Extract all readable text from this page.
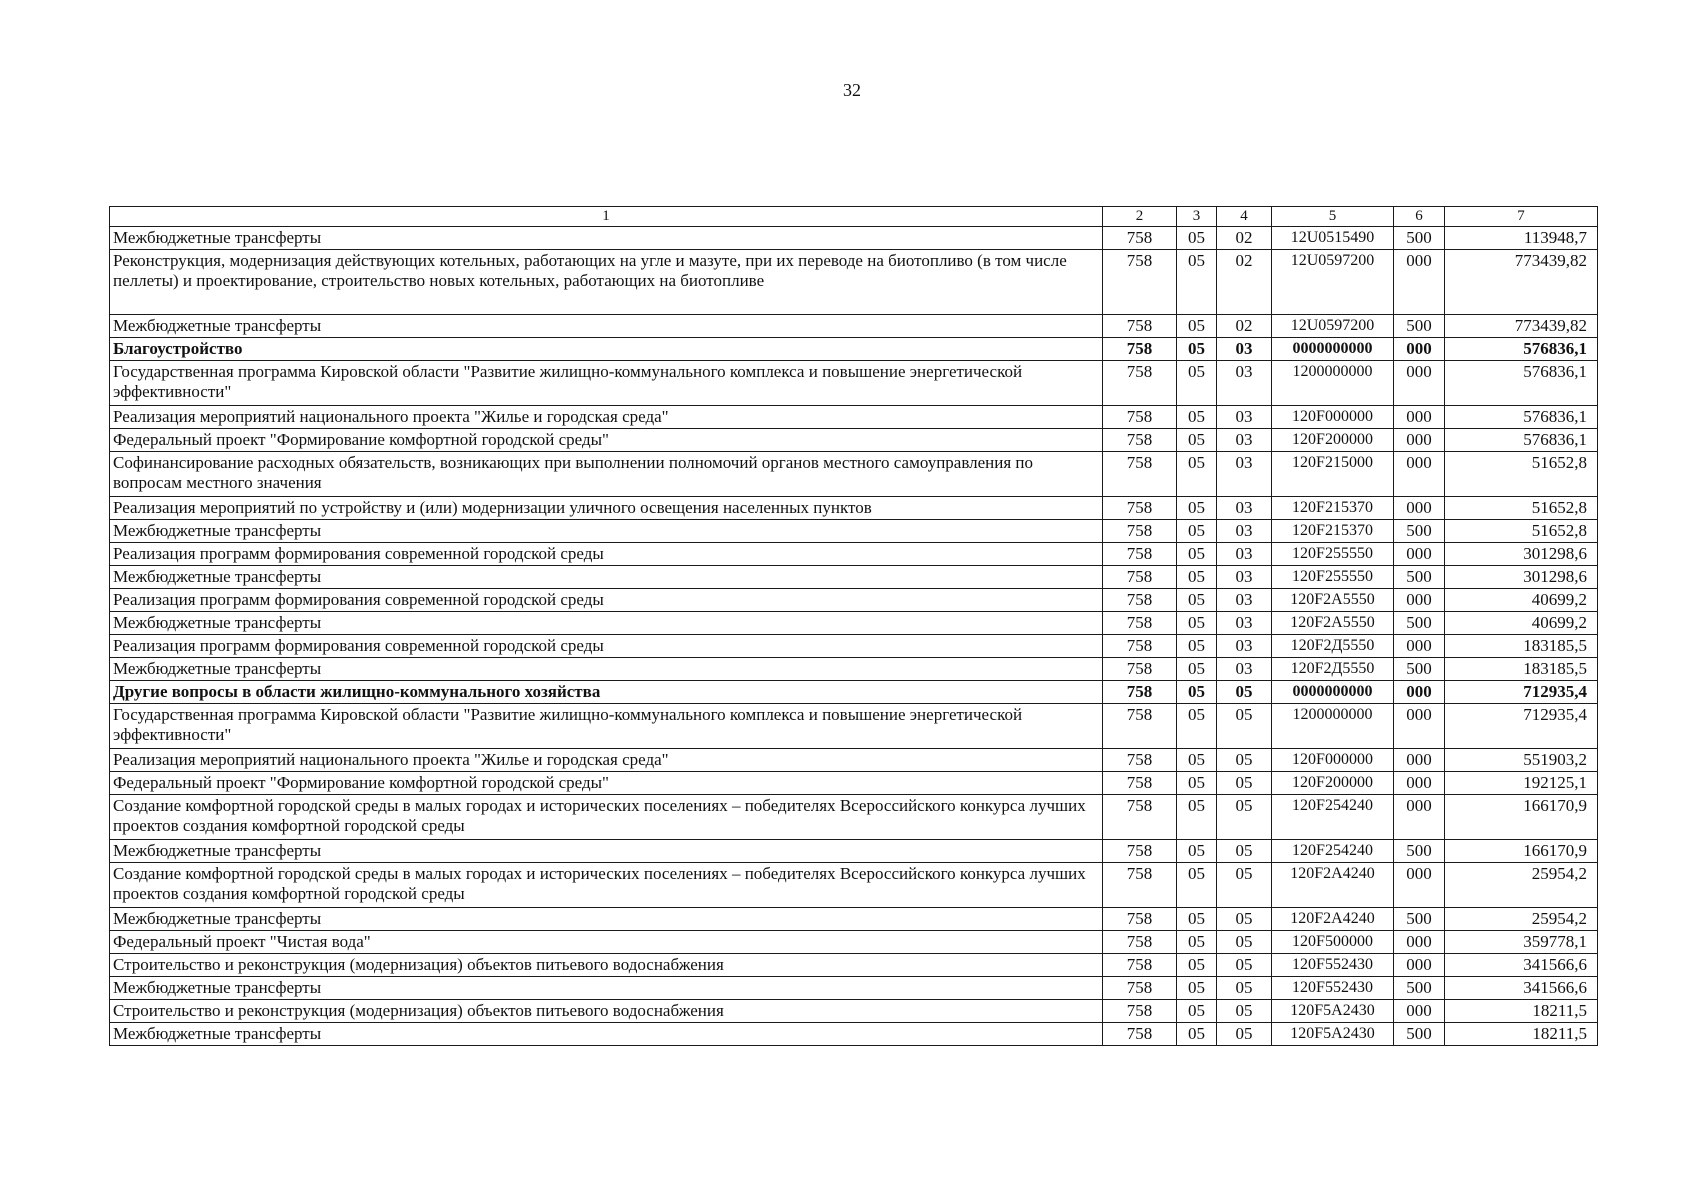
32
1	2	3	4	5	6	7
Межбюджетные трансферты	758	05	02	12U0515490	500	113948,7
Реконструкция, модернизация действующих котельных, работающих на угле и мазуте, при их переводе на биотопливо (в том числе пеллеты) и проектирование, строительство новых котельных, работающих на биотопливе	758	05	02	12U0597200	000	773439,82
Межбюджетные трансферты	758	05	02	12U0597200	500	773439,82
Благоустройство	758	05	03	0000000000	000	576836,1
Государственная программа Кировской области "Развитие жилищно-коммунального комплекса и повышение энергетической эффективности"	758	05	03	1200000000	000	576836,1
Реализация мероприятий национального проекта "Жилье и городская среда"	758	05	03	120F000000	000	576836,1
Федеральный проект "Формирование комфортной городской среды"	758	05	03	120F200000	000	576836,1
Софинансирование расходных обязательств, возникающих при выполнении полномочий органов местного самоуправления по вопросам местного значения	758	05	03	120F215000	000	51652,8
Реализация мероприятий по устройству и (или) модернизации уличного освещения населенных пунктов	758	05	03	120F215370	000	51652,8
Межбюджетные трансферты	758	05	03	120F215370	500	51652,8
Реализация программ формирования современной городской среды	758	05	03	120F255550	000	301298,6
Межбюджетные трансферты	758	05	03	120F255550	500	301298,6
Реализация программ формирования современной городской среды	758	05	03	120F2A5550	000	40699,2
Межбюджетные трансферты	758	05	03	120F2A5550	500	40699,2
Реализация программ формирования современной городской среды	758	05	03	120F2Д5550	000	183185,5
Межбюджетные трансферты	758	05	03	120F2Д5550	500	183185,5
Другие вопросы в области жилищно-коммунального хозяйства	758	05	05	0000000000	000	712935,4
Государственная программа Кировской области "Развитие жилищно-коммунального комплекса и повышение энергетической эффективности"	758	05	05	1200000000	000	712935,4
Реализация мероприятий национального проекта "Жилье и городская среда"	758	05	05	120F000000	000	551903,2
Федеральный проект "Формирование комфортной городской среды"	758	05	05	120F200000	000	192125,1
Создание комфортной городской среды в малых городах и исторических поселениях – победителях Всероссийского конкурса лучших проектов создания комфортной городской среды	758	05	05	120F254240	000	166170,9
Межбюджетные трансферты	758	05	05	120F254240	500	166170,9
Создание комфортной городской среды в малых городах и исторических поселениях – победителях Всероссийского конкурса лучших проектов создания комфортной городской среды	758	05	05	120F2A4240	000	25954,2
Межбюджетные трансферты	758	05	05	120F2A4240	500	25954,2
Федеральный проект "Чистая вода"	758	05	05	120F500000	000	359778,1
Строительство и реконструкция (модернизация) объектов питьевого водоснабжения	758	05	05	120F552430	000	341566,6
Межбюджетные трансферты	758	05	05	120F552430	500	341566,6
Строительство и реконструкция (модернизация) объектов питьевого водоснабжения	758	05	05	120F5A2430	000	18211,5
Межбюджетные трансферты	758	05	05	120F5A2430	500	18211,5
